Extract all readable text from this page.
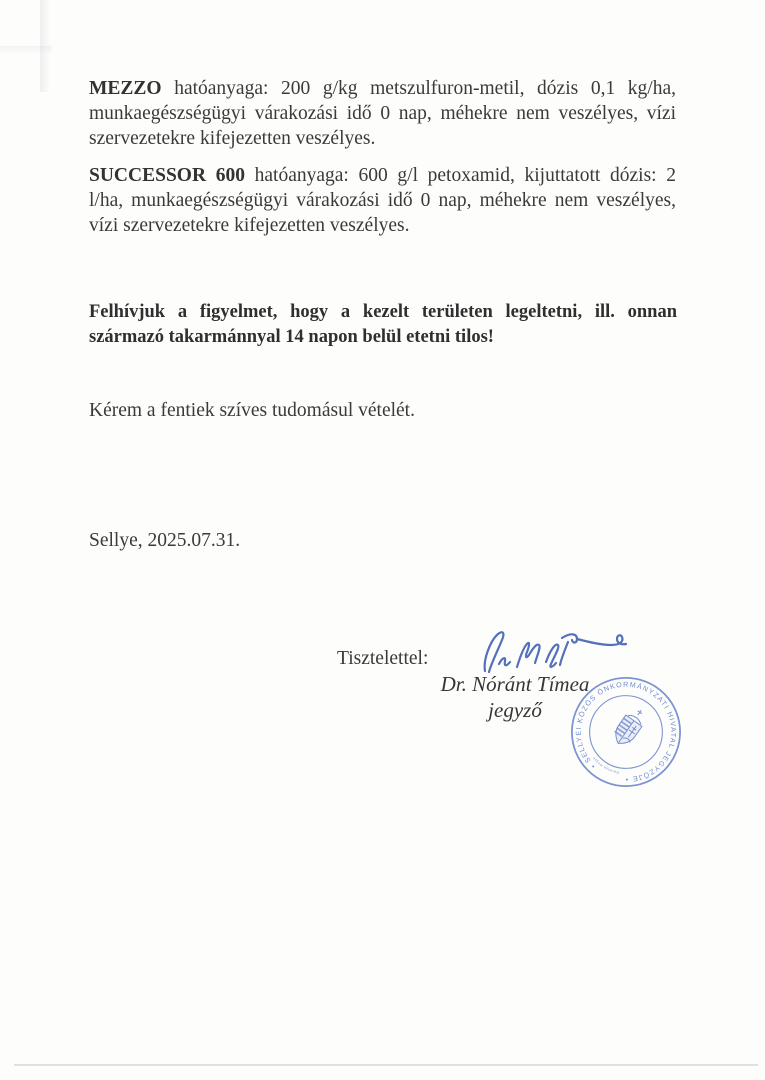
MEZZO hatóanyaga: 200 g/kg metszulfuron-metil, dózis 0,1 kg/ha,
munkaegészségügyi várakozási idő 0 nap, méhekre nem veszélyes, vízi
szervezetekre kifejezetten veszélyes.
SUCCESSOR 600 hatóanyaga: 600 g/l petoxamid, kijuttatott dózis: 2
l/ha, munkaegészségügyi várakozási idő 0 nap, méhekre nem veszélyes,
vízi szervezetekre kifejezetten veszélyes.
Felhívjuk a figyelmet, hogy a kezelt területen legeltetni, ill. onnan
származó takarmánnyal 14 napon belül etetni tilos!
Kérem a fentiek szíves tudomásul vételét.
Sellye, 2025.07.31.
Tisztelettel:
Dr. Nóránt Tímea
jegyző
• SELLYEI KÖZÖS ÖNKORMÁNYZATI HIVATAL JEGYZŐJE •
Baranya megye
